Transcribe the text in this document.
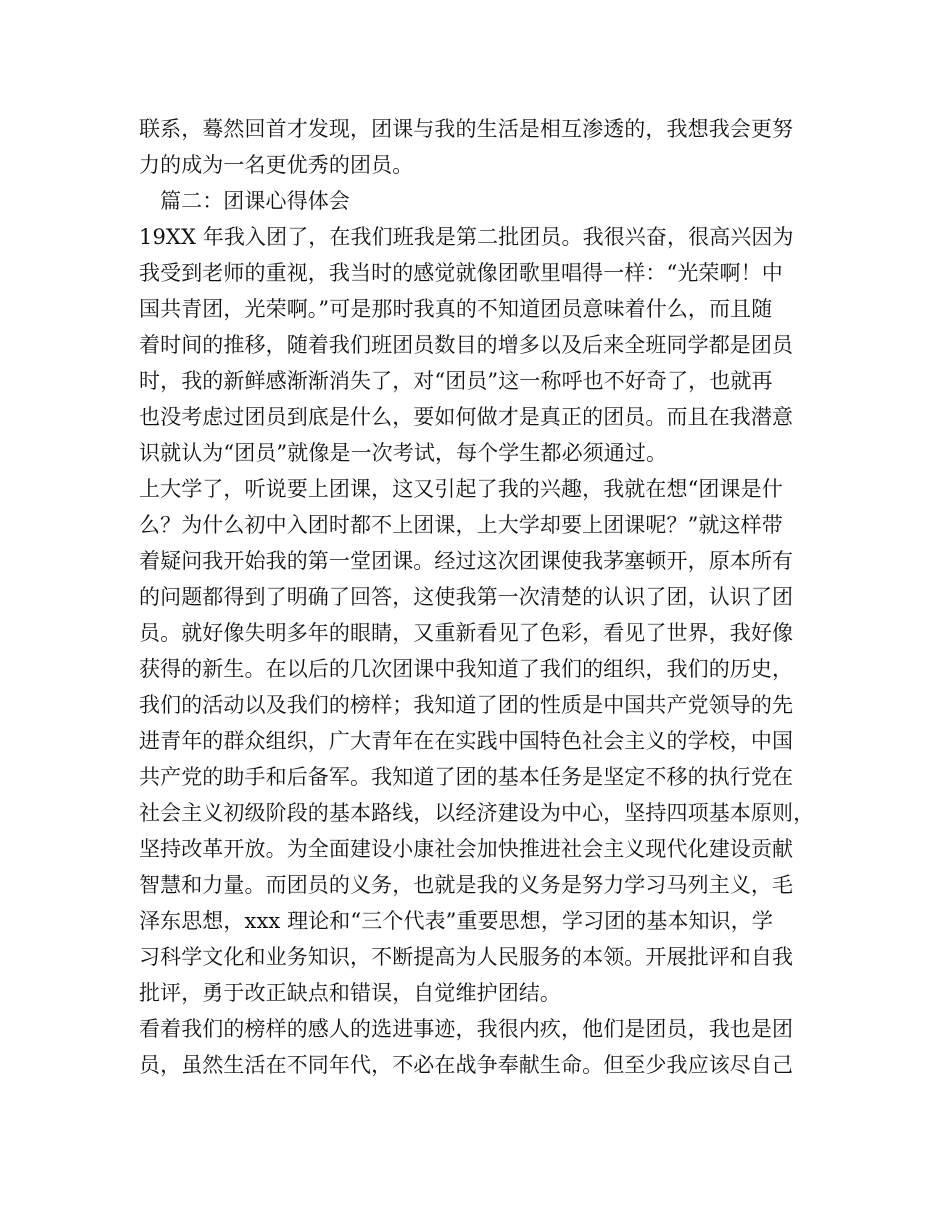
联系，蓦然回首才发现，团课与我的生活是相互渗透的，我想我会更努
力的成为一名更优秀的团员。
篇二：团课心得体会
19XX 年我入团了，在我们班我是第二批团员。我很兴奋，很高兴因为
我受到老师的重视，我当时的感觉就像团歌里唱得一样：“光荣啊！中
国共青团，光荣啊。”可是那时我真的不知道团员意味着什么，而且随
着时间的推移，随着我们班团员数目的增多以及后来全班同学都是团员
时，我的新鲜感渐渐消失了，对“团员”这一称呼也不好奇了，也就再
也没考虑过团员到底是什么，要如何做才是真正的团员。而且在我潜意
识就认为“团员”就像是一次考试，每个学生都必须通过。
上大学了，听说要上团课，这又引起了我的兴趣，我就在想“团课是什
么？为什么初中入团时都不上团课，上大学却要上团课呢？”就这样带
着疑问我开始我的第一堂团课。经过这次团课使我茅塞顿开，原本所有
的问题都得到了明确了回答，这使我第一次清楚的认识了团，认识了团
员。就好像失明多年的眼睛，又重新看见了色彩，看见了世界，我好像
获得的新生。在以后的几次团课中我知道了我们的组织，我们的历史，
我们的活动以及我们的榜样；我知道了团的性质是中国共产党领导的先
进青年的群众组织，广大青年在在实践中国特色社会主义的学校，中国
共产党的助手和后备军。我知道了团的基本任务是坚定不移的执行党在
社会主义初级阶段的基本路线，以经济建设为中心，坚持四项基本原则，
坚持改革开放。为全面建设小康社会加快推进社会主义现代化建设贡献
智慧和力量。而团员的义务，也就是我的义务是努力学习马列主义，毛
泽东思想，xxx 理论和“三个代表”重要思想，学习团的基本知识，学
习科学文化和业务知识，不断提高为人民服务的本领。开展批评和自我
批评，勇于改正缺点和错误，自觉维护团结。
看着我们的榜样的感人的选进事迹，我很内疚，他们是团员，我也是团
员，虽然生活在不同年代，不必在战争奉献生命。但至少我应该尽自己
